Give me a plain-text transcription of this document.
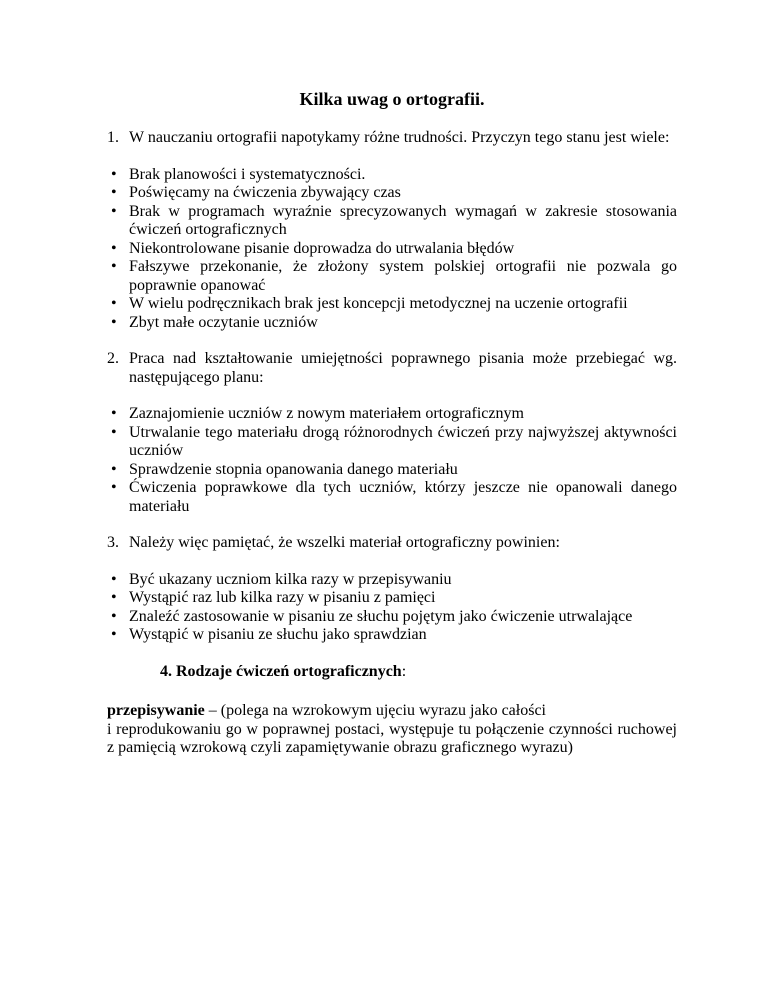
Kilka uwag o ortografii.

1. W nauczaniu ortografii napotykamy różne trudności. Przyczyn tego stanu jest wiele:

• Brak planowości i systematyczności.
• Poświęcamy na ćwiczenia zbywający czas
• Brak w programach wyraźnie sprecyzowanych wymagań w zakresie stosowania ćwiczeń ortograficznych
• Niekontrolowane pisanie doprowadza do utrwalania błędów
• Fałszywe przekonanie, że złożony system polskiej ortografii nie pozwala go poprawnie opanować
• W wielu podręcznikach brak jest koncepcji metodycznej na uczenie ortografii
• Zbyt małe oczytanie uczniów

2. Praca nad kształtowanie umiejętności poprawnego pisania może przebiegać wg. następującego planu:

• Zaznajomienie uczniów z nowym materiałem ortograficznym
• Utrwalanie tego materiału drogą różnorodnych ćwiczeń przy najwyższej aktywności uczniów
• Sprawdzenie stopnia opanowania danego materiału
• Ćwiczenia poprawkowe dla tych uczniów, którzy jeszcze nie opanowali danego materiału

3. Należy więc pamiętać, że wszelki materiał ortograficzny powinien:

• Być ukazany uczniom kilka razy w przepisywaniu
• Wystąpić raz lub kilka razy w pisaniu z pamięci
• Znaleźć zastosowanie w pisaniu ze słuchu pojętym jako ćwiczenie utrwalające
• Wystąpić w pisaniu ze słuchu jako sprawdzian

4. Rodzaje ćwiczeń ortograficznych:

przepisywanie – (polega na wzrokowym ujęciu wyrazu jako całości
i reprodukowaniu go w poprawnej postaci, występuje tu połączenie czynności ruchowej z pamięcią wzrokową czyli zapamiętywanie obrazu graficznego wyrazu)
